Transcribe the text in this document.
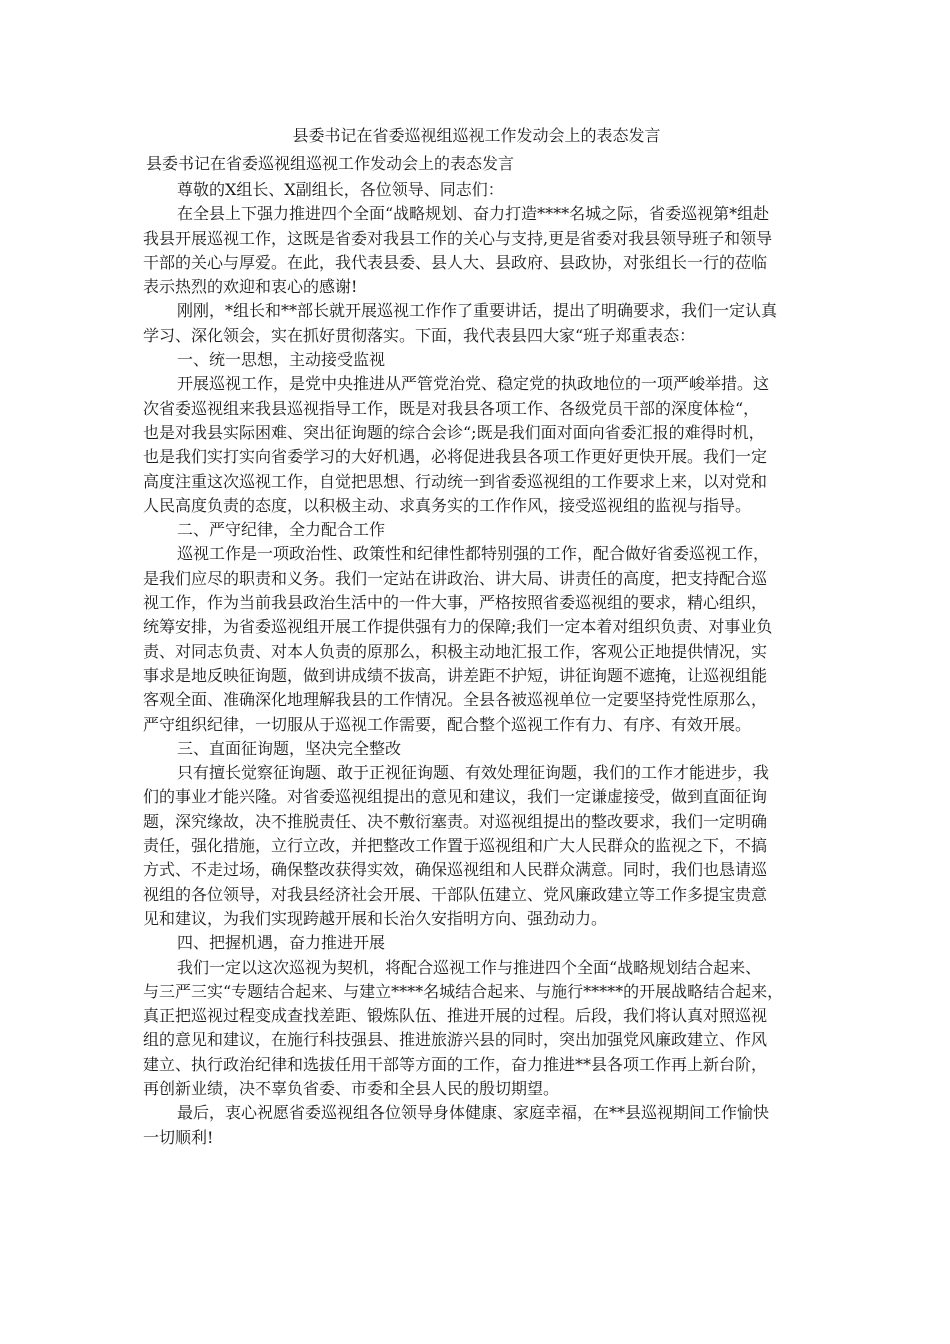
县委书记在省委巡视组巡视工作发动会上的表态发言
县委书记在省委巡视组巡视工作发动会上的表态发言

尊敬的X组长、X副组长，各位领导、同志们：

在全县上下强力推进四个全面“战略规划、奋力打造****名城之际，省委巡视第*组赴

我县开展巡视工作，这既是省委对我县工作的关心与支持,更是省委对我县领导班子和领导

干部的关心与厚爱。在此，我代表县委、县人大、县政府、县政协，对张组长一行的莅临

表示热烈的欢迎和衷心的感谢!

刚刚，*组长和**部长就开展巡视工作作了重要讲话，提出了明确要求，我们一定认真

学习、深化领会，实在抓好贯彻落实。下面，我代表县四大家“班子郑重表态：

一、统一思想，主动接受监视

开展巡视工作，是党中央推进从严管党治党、稳定党的执政地位的一项严峻举措。这

次省委巡视组来我县巡视指导工作，既是对我县各项工作、各级党员干部的深度体检“，

也是对我县实际困难、突出征询题的综合会诊“;既是我们面对面向省委汇报的难得时机，

也是我们实打实向省委学习的大好机遇，必将促进我县各项工作更好更快开展。我们一定

高度注重这次巡视工作，自觉把思想、行动统一到省委巡视组的工作要求上来，以对党和

人民高度负责的态度，以积极主动、求真务实的工作作风，接受巡视组的监视与指导。

二、严守纪律，全力配合工作

巡视工作是一项政治性、政策性和纪律性都特别强的工作，配合做好省委巡视工作，

是我们应尽的职责和义务。我们一定站在讲政治、讲大局、讲责任的高度，把支持配合巡

视工作，作为当前我县政治生活中的一件大事，严格按照省委巡视组的要求，精心组织，

统筹安排，为省委巡视组开展工作提供强有力的保障;我们一定本着对组织负责、对事业负

责、对同志负责、对本人负责的原那么，积极主动地汇报工作，客观公正地提供情况，实

事求是地反映征询题，做到讲成绩不拔高，讲差距不护短，讲征询题不遮掩，让巡视组能

客观全面、准确深化地理解我县的工作情况。全县各被巡视单位一定要坚持党性原那么，

严守组织纪律，一切服从于巡视工作需要，配合整个巡视工作有力、有序、有效开展。

三、直面征询题，坚决完全整改

只有擅长觉察征询题、敢于正视征询题、有效处理征询题，我们的工作才能进步，我

们的事业才能兴隆。对省委巡视组提出的意见和建议，我们一定谦虚接受，做到直面征询

题，深究缘故，决不推脱责任、决不敷衍塞责。对巡视组提出的整改要求，我们一定明确

责任，强化措施，立行立改，并把整改工作置于巡视组和广大人民群众的监视之下，不搞

方式、不走过场，确保整改获得实效，确保巡视组和人民群众满意。同时，我们也恳请巡

视组的各位领导，对我县经济社会开展、干部队伍建立、党风廉政建立等工作多提宝贵意

见和建议，为我们实现跨越开展和长治久安指明方向、强劲动力。

四、把握机遇，奋力推进开展

我们一定以这次巡视为契机，将配合巡视工作与推进四个全面“战略规划结合起来、

与三严三实“专题结合起来、与建立****名城结合起来、与施行*****的开展战略结合起来，

真正把巡视过程变成查找差距、锻炼队伍、推进开展的过程。后段，我们将认真对照巡视

组的意见和建议，在施行科技强县、推进旅游兴县的同时，突出加强党风廉政建立、作风

建立、执行政治纪律和选拔任用干部等方面的工作，奋力推进**县各项工作再上新台阶，

再创新业绩，决不辜负省委、市委和全县人民的殷切期望。

最后，衷心祝愿省委巡视组各位领导身体健康、家庭幸福，在**县巡视期间工作愉快

一切顺利!
